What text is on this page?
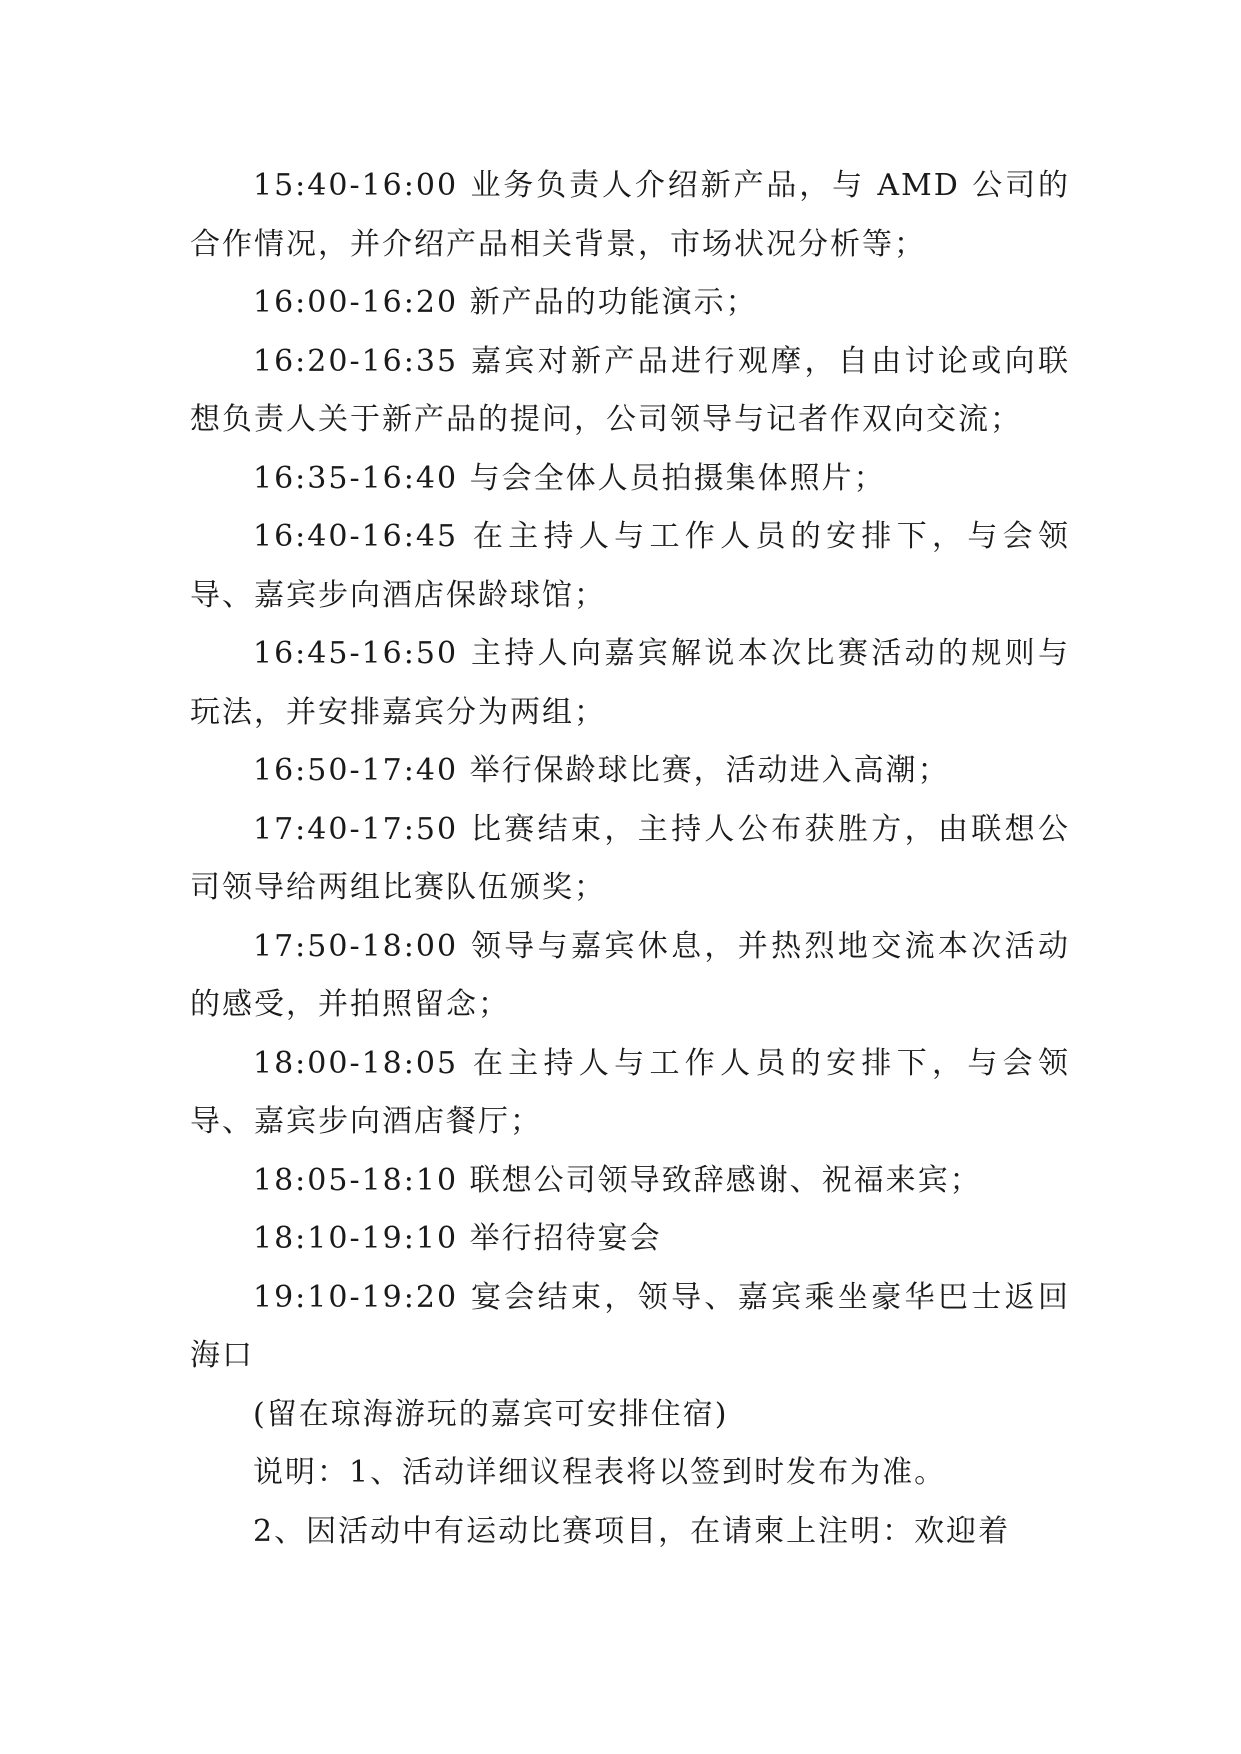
15:40-16:00 业务负责人介绍新产品，与 AMD 公司的合作情况，并介绍产品相关背景，市场状况分析等；

16:00-16:20 新产品的功能演示；

16:20-16:35 嘉宾对新产品进行观摩，自由讨论或向联想负责人关于新产品的提问，公司领导与记者作双向交流；

16:35-16:40 与会全体人员拍摄集体照片；

16:40-16:45 在主持人与工作人员的安排下，与会领导、嘉宾步向酒店保龄球馆；

16:45-16:50 主持人向嘉宾解说本次比赛活动的规则与玩法，并安排嘉宾分为两组；

16:50-17:40 举行保龄球比赛，活动进入高潮；

17:40-17:50 比赛结束，主持人公布获胜方，由联想公司领导给两组比赛队伍颁奖；

17:50-18:00 领导与嘉宾休息，并热烈地交流本次活动的感受，并拍照留念；

18:00-18:05 在主持人与工作人员的安排下，与会领导、嘉宾步向酒店餐厅；

18:05-18:10 联想公司领导致辞感谢、祝福来宾；

18:10-19:10 举行招待宴会

19:10-19:20 宴会结束，领导、嘉宾乘坐豪华巴士返回海口

(留在琼海游玩的嘉宾可安排住宿)

说明：1、活动详细议程表将以签到时发布为准。

2、因活动中有运动比赛项目，在请柬上注明：欢迎着
